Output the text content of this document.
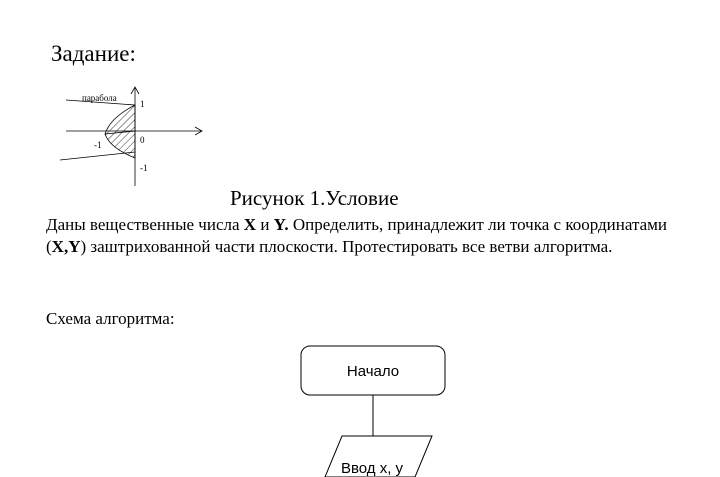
Задание:
парабола
1
0
-1
-1
Рисунок 1.Условие
Даны вещественные числа X и Y. Определить, принадлежит ли точка с координатами (X,Y) заштрихованной части плоскости. Протестировать все ветви алгоритма.
Схема алгоритма:
Начало
Ввод x, y
